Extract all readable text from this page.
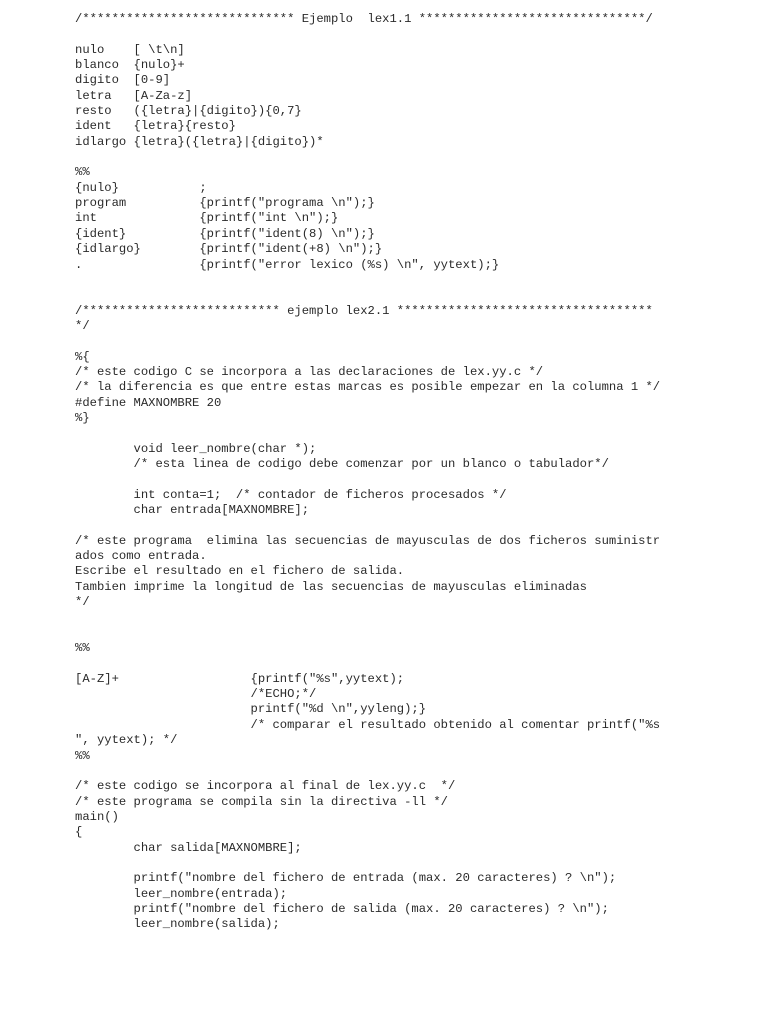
/***************************** Ejemplo  lex1.1 *******************************/
nulo    [ \t\n]
blanco  {nulo}+
digito  [0-9]
letra   [A-Za-z]
resto   ({letra}|{digito}){0,7}
ident   {letra}{resto}
idlargo {letra}({letra}|{digito})*
%%
{nulo}           ;
program          {printf("programa \n");}
int              {printf("int \n");}
{ident}          {printf("ident(8) \n");}
{idlargo}        {printf("ident(+8) \n");}
.                {printf("error lexico (%s) \n", yytext);}
/*************************** ejemplo lex2.1 ***********************************
*/
%{
/* este codigo C se incorpora a las declaraciones de lex.yy.c */
/* la diferencia es que entre estas marcas es posible empezar en la columna 1 */
#define MAXNOMBRE 20
%}
void leer_nombre(char *);
/* esta linea de codigo debe comenzar por un blanco o tabulador*/
int conta=1;  /* contador de ficheros procesados */
char entrada[MAXNOMBRE];
/* este programa  elimina las secuencias de mayusculas de dos ficheros suministr
ados como entrada.
Escribe el resultado en el fichero de salida.
Tambien imprime la longitud de las secuencias de mayusculas eliminadas
*/
%%
[A-Z]+                  {printf("%s",yytext);
/*ECHO;*/
printf("%d \n",yyleng);}
/* comparar el resultado obtenido al comentar printf("%s
", yytext); */
%%
/* este codigo se incorpora al final de lex.yy.c  */
/* este programa se compila sin la directiva -ll */
main()
{
char salida[MAXNOMBRE];
printf("nombre del fichero de entrada (max. 20 caracteres) ? \n");
leer_nombre(entrada);
printf("nombre del fichero de salida (max. 20 caracteres) ? \n");
leer_nombre(salida);
